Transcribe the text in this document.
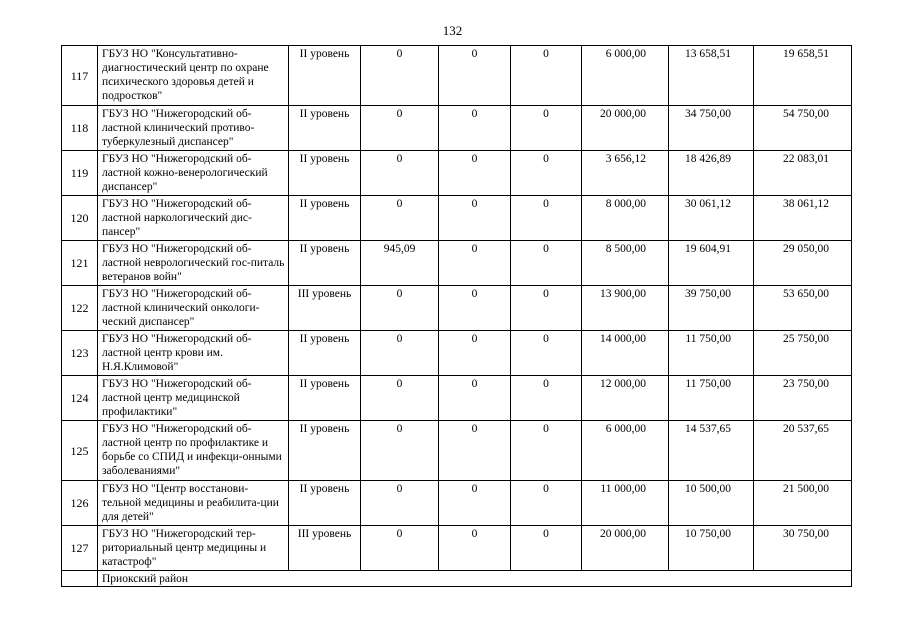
132
117	ГБУЗ НО "Консультативно-диагностический центр по охране психического здоровья детей и подростков"	II уровень	0	0	0	6 000,00	13 658,51	19 658,51
118	ГБУЗ НО "Нижегородский об-ластной клинический противо-туберкулезный диспансер"	II уровень	0	0	0	20 000,00	34 750,00	54 750,00
119	ГБУЗ НО "Нижегородский об-ластной кожно-венерологический диспансер"	II уровень	0	0	0	3 656,12	18 426,89	22 083,01
120	ГБУЗ НО "Нижегородский об-ластной наркологический дис-пансер"	II уровень	0	0	0	8 000,00	30 061,12	38 061,12
121	ГБУЗ НО "Нижегородский об-ластной неврологический гос-питаль ветеранов войн"	II уровень	945,09	0	0	8 500,00	19 604,91	29 050,00
122	ГБУЗ НО "Нижегородский об-ластной клинический онкологи-ческий диспансер"	III уровень	0	0	0	13 900,00	39 750,00	53 650,00
123	ГБУЗ НО "Нижегородский об-ластной центр крови им. Н.Я.Климовой"	II уровень	0	0	0	14 000,00	11 750,00	25 750,00
124	ГБУЗ НО "Нижегородский об-ластной центр медицинской профилактики"	II уровень	0	0	0	12 000,00	11 750,00	23 750,00
125	ГБУЗ НО "Нижегородский об-ластной центр по профилактике и борьбе со СПИД и инфекци-онными заболеваниями"	II уровень	0	0	0	6 000,00	14 537,65	20 537,65
126	ГБУЗ НО "Центр восстанови-тельной медицины и реабилита-ции для детей"	II уровень	0	0	0	11 000,00	10 500,00	21 500,00
127	ГБУЗ НО "Нижегородский тер-риториальный центр медицины и катастроф"	III уровень	0	0	0	20 000,00	10 750,00	30 750,00
	Приокский район							
